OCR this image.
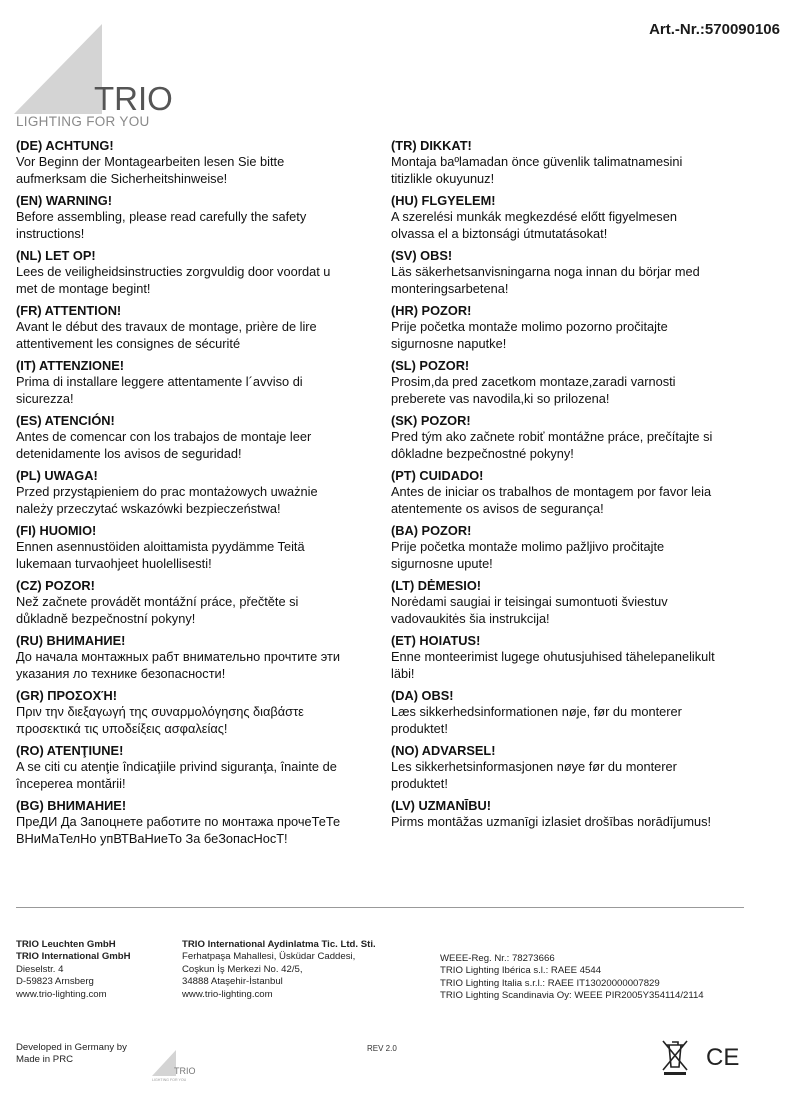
Art.-Nr.:570090106
TRIO
LIGHTING FOR YOU
(DE) ACHTUNG!
Vor Beginn der Montagearbeiten lesen Sie bitte
aufmerksam die Sicherheitshinweise!
(EN) WARNING!
Before assembling, please read carefully the safety
instructions!
(NL) LET OP!
Lees de veiligheidsinstructies zorgvuldig door voordat u
met de montage begint!
(FR) ATTENTION!
Avant le début des travaux de montage, prière de lire
attentivement les consignes de sécurité
(IT) ATTENZIONE!
Prima di installare leggere attentamente l´avviso di
sicurezza!
(ES) ATENCIÓN!
Antes de comencar con los trabajos de montaje leer
detenidamente los avisos de seguridad!
(PL) UWAGA!
Przed przystąpieniem do prac montażowych uważnie
należy przeczytać wskazówki bezpieczeństwa!
(FI) HUOMIO!
Ennen asennustöiden aloittamista pyydämme Teitä
lukemaan turvaohjeet huolellisesti!
(CZ) POZOR!
Než začnete provádět montážní práce, přečtěte si
důkladně bezpečnostní pokyny!
(RU) ВНИМАНИЕ!
До начала монтажных рабт внимательно прочтите эти
указания ло технике безопасности!
(GR) ΠΡΟΣΟΧΉ!
Πριν την διεξαγωγή της συναρμολόγησης διαβάστε
προσεκτικά τις υποδείξεις ασφαλείας!
(RO) ATENŢIUNE!
A se citi cu atenţie îndicaţiile privind siguranţa, înainte de
începerea montării!
(BG) ВНИМАНИЕ!
ПреДИ Да Запоцнете работите по монтажа прочеТеТе
ВНиМаТелНо упВТВаНиеТо За беЗопасНосТ!
(TR) DIKKAT!
Montaja baºlamadan önce güvenlik talimatnamesini
titizlikle okuyunuz!
(HU) FLGYELEM!
A szerelési munkák megkezdésé előtt figyelmesen
olvassa el a biztonsági útmutatásokat!
(SV) OBS!
Läs säkerhetsanvisningarna noga innan du börjar med
monteringsarbetena!
(HR) POZOR!
Prije početka montaže molimo pozorno pročitajte
sigurnosne naputke!
(SL) POZOR!
Prosim,da pred zacetkom montaze,zaradi varnosti
preberete vas navodila,ki so prilozena!
(SK) POZOR!
Pred tým ako začnete robiť montážne práce, prečítajte si
dôkladne bezpečnostné pokyny!
(PT) CUIDADO!
Antes de iniciar os trabalhos de montagem por favor leia
atentemente os avisos de segurança!
(BA) POZOR!
Prije početka montaže molimo pažljivo pročitajte
sigurnosne upute!
(LT) DĖMESIO!
Norėdami saugiai ir teisingai sumontuoti šviestuv
vadovaukitės šia instrukcija!
(ET) HOIATUS!
Enne monteerimist lugege ohutusjuhised tähelepanelikult
läbi!
(DA) OBS!
Læs sikkerhedsinformationen nøje, før du monterer
produktet!
(NO) ADVARSEL!
Les sikkerhetsinformasjonen nøye før du monterer
produktet!
(LV) UZMANĪBU!
Pirms montāžas uzmanīgi izlasiet drošības norādījumus!
TRIO Leuchten GmbH
TRIO International GmbH
Dieselstr. 4
D-59823 Arnsberg
www.trio-lighting.com
TRIO International Aydinlatma Tic. Ltd. Sti.
Ferhatpaşa Mahallesi, Üsküdar Caddesi,
Coşkun İş Merkezi No. 42/5,
34888 Ataşehir-İstanbul
www.trio-lighting.com
WEEE-Reg. Nr.: 78273666
TRIO Lighting Ibérica s.l.: RAEE 4544
TRIO Lighting Italia s.r.l.: RAEE IT13020000007829
TRIO Lighting Scandinavia Oy: WEEE PIR2005Y354114/2114
Developed in Germany by
Made in PRC
TRIO
LIGHTING FOR YOU
REV 2.0	CE
